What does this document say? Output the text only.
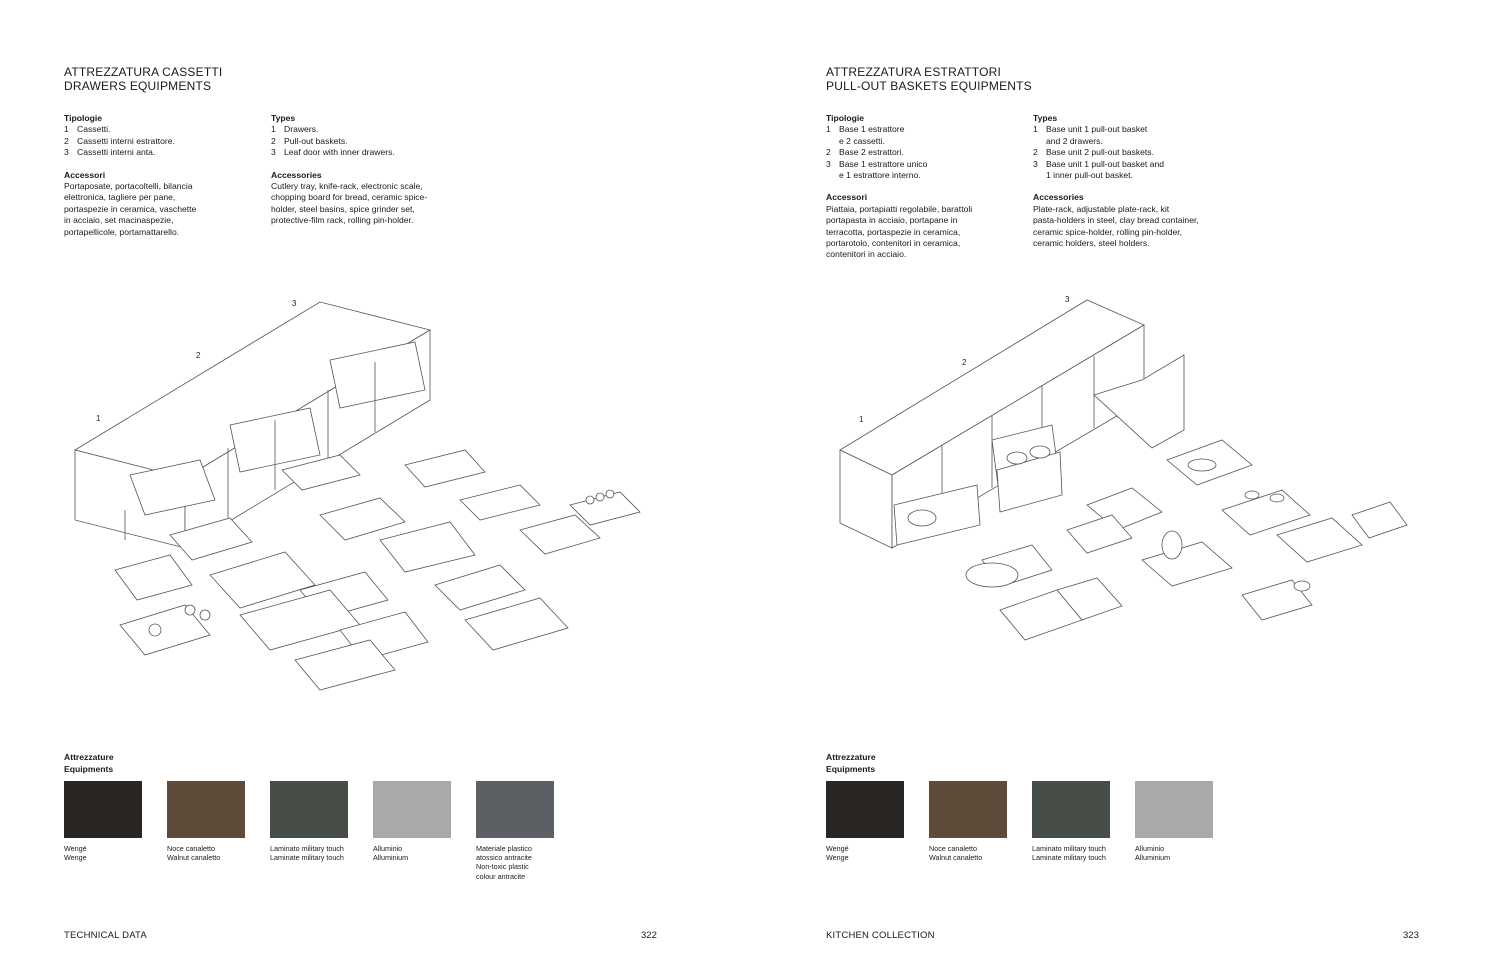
ATTREZZATURA CASSETTI
DRAWERS EQUIPMENTS
Tipologie
1 Cassetti.
2 Cassetti interni estrattore.
3 Cassetti interni anta.
Accessori
Portaposate, portacoltelli, bilancia
elettronica, tagliere per pane,
portaspezie in ceramica, vaschette
in acciaio, set macinaspezie,
portapellicole, portamattarello.
Types
1 Drawers.
2 Pull-out baskets.
3 Leaf door with inner drawers.
Accessories
Cutlery tray, knife-rack, electronic scale,
chopping board for bread, ceramic spice-
holder, steel basins, spice grinder set,
protective-film rack, rolling pin-holder.
1
2
3
Attrezzature
Equipments
Wengé
Wenge
Noce canaletto
Walnut canaletto
Laminato military touch
Laminate military touch
Alluminio
Alluminium
Materiale plastico
atossico antracite
Non-toxic plastic
colour antracite
TECHNICAL DATA	322
ATTREZZATURA ESTRATTORI
PULL-OUT BASKETS EQUIPMENTS
Tipologie
1 Base 1 estrattore
e 2 cassetti.
2 Base 2 estrattori.
3 Base 1 estrattore unico
e 1 estrattore interno.
Accessori
Piattaia, portapiatti regolabile, barattoli
portapasta in acciaio, portapane in
terracotta, portaspezie in ceramica,
portarotolo, contenitori in ceramica,
contenitori in acciaio.
Types
1 Base unit 1 pull-out basket
and 2 drawers.
2 Base unit 2 pull-out baskets.
3 Base unit 1 pull-out basket and
1 inner pull-out basket.
Accessories
Plate-rack, adjustable plate-rack, kit
pasta-holders in steel, clay bread container,
ceramic spice-holder, rolling pin-holder,
ceramic holders, steel holders.
1
2
3
Attrezzature
Equipments
Wengé
Wenge
Noce canaletto
Walnut canaletto
Laminato military touch
Laminate military touch
Alluminio
Alluminium
KITCHEN COLLECTION	323
